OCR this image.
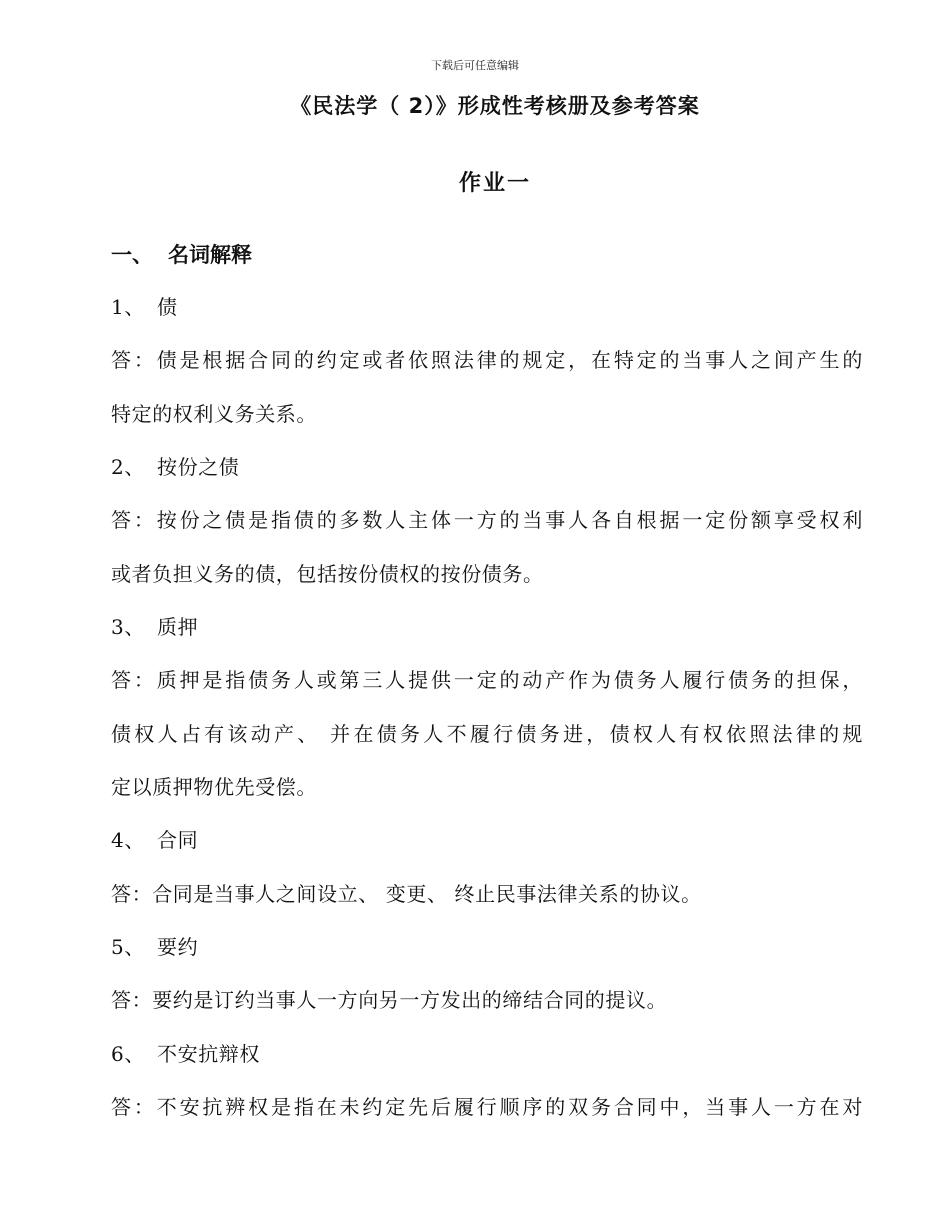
下载后可任意编辑
《民法学（ 2）》形成性考核册及参考答案
作业一
一、 名词解释
1、 债
答：债是根据合同的约定或者依照法律的规定，在特定的当事人之间产生的
特定的权利义务关系。
2、 按份之债
答：按份之债是指债的多数人主体一方的当事人各自根据一定份额享受权利
或者负担义务的债，包括按份债权的按份债务。
3、 质押
答：质押是指债务人或第三人提供一定的动产作为债务人履行债务的担保，
债权人占有该动产、 并在债务人不履行债务进，债权人有权依照法律的规
定以质押物优先受偿。
4、 合同
答：合同是当事人之间设立、 变更、 终止民事法律关系的协议。
5、 要约
答：要约是订约当事人一方向另一方发出的缔结合同的提议。
6、 不安抗辩权
答：不安抗辨权是指在未约定先后履行顺序的双务合同中，当事人一方在对
